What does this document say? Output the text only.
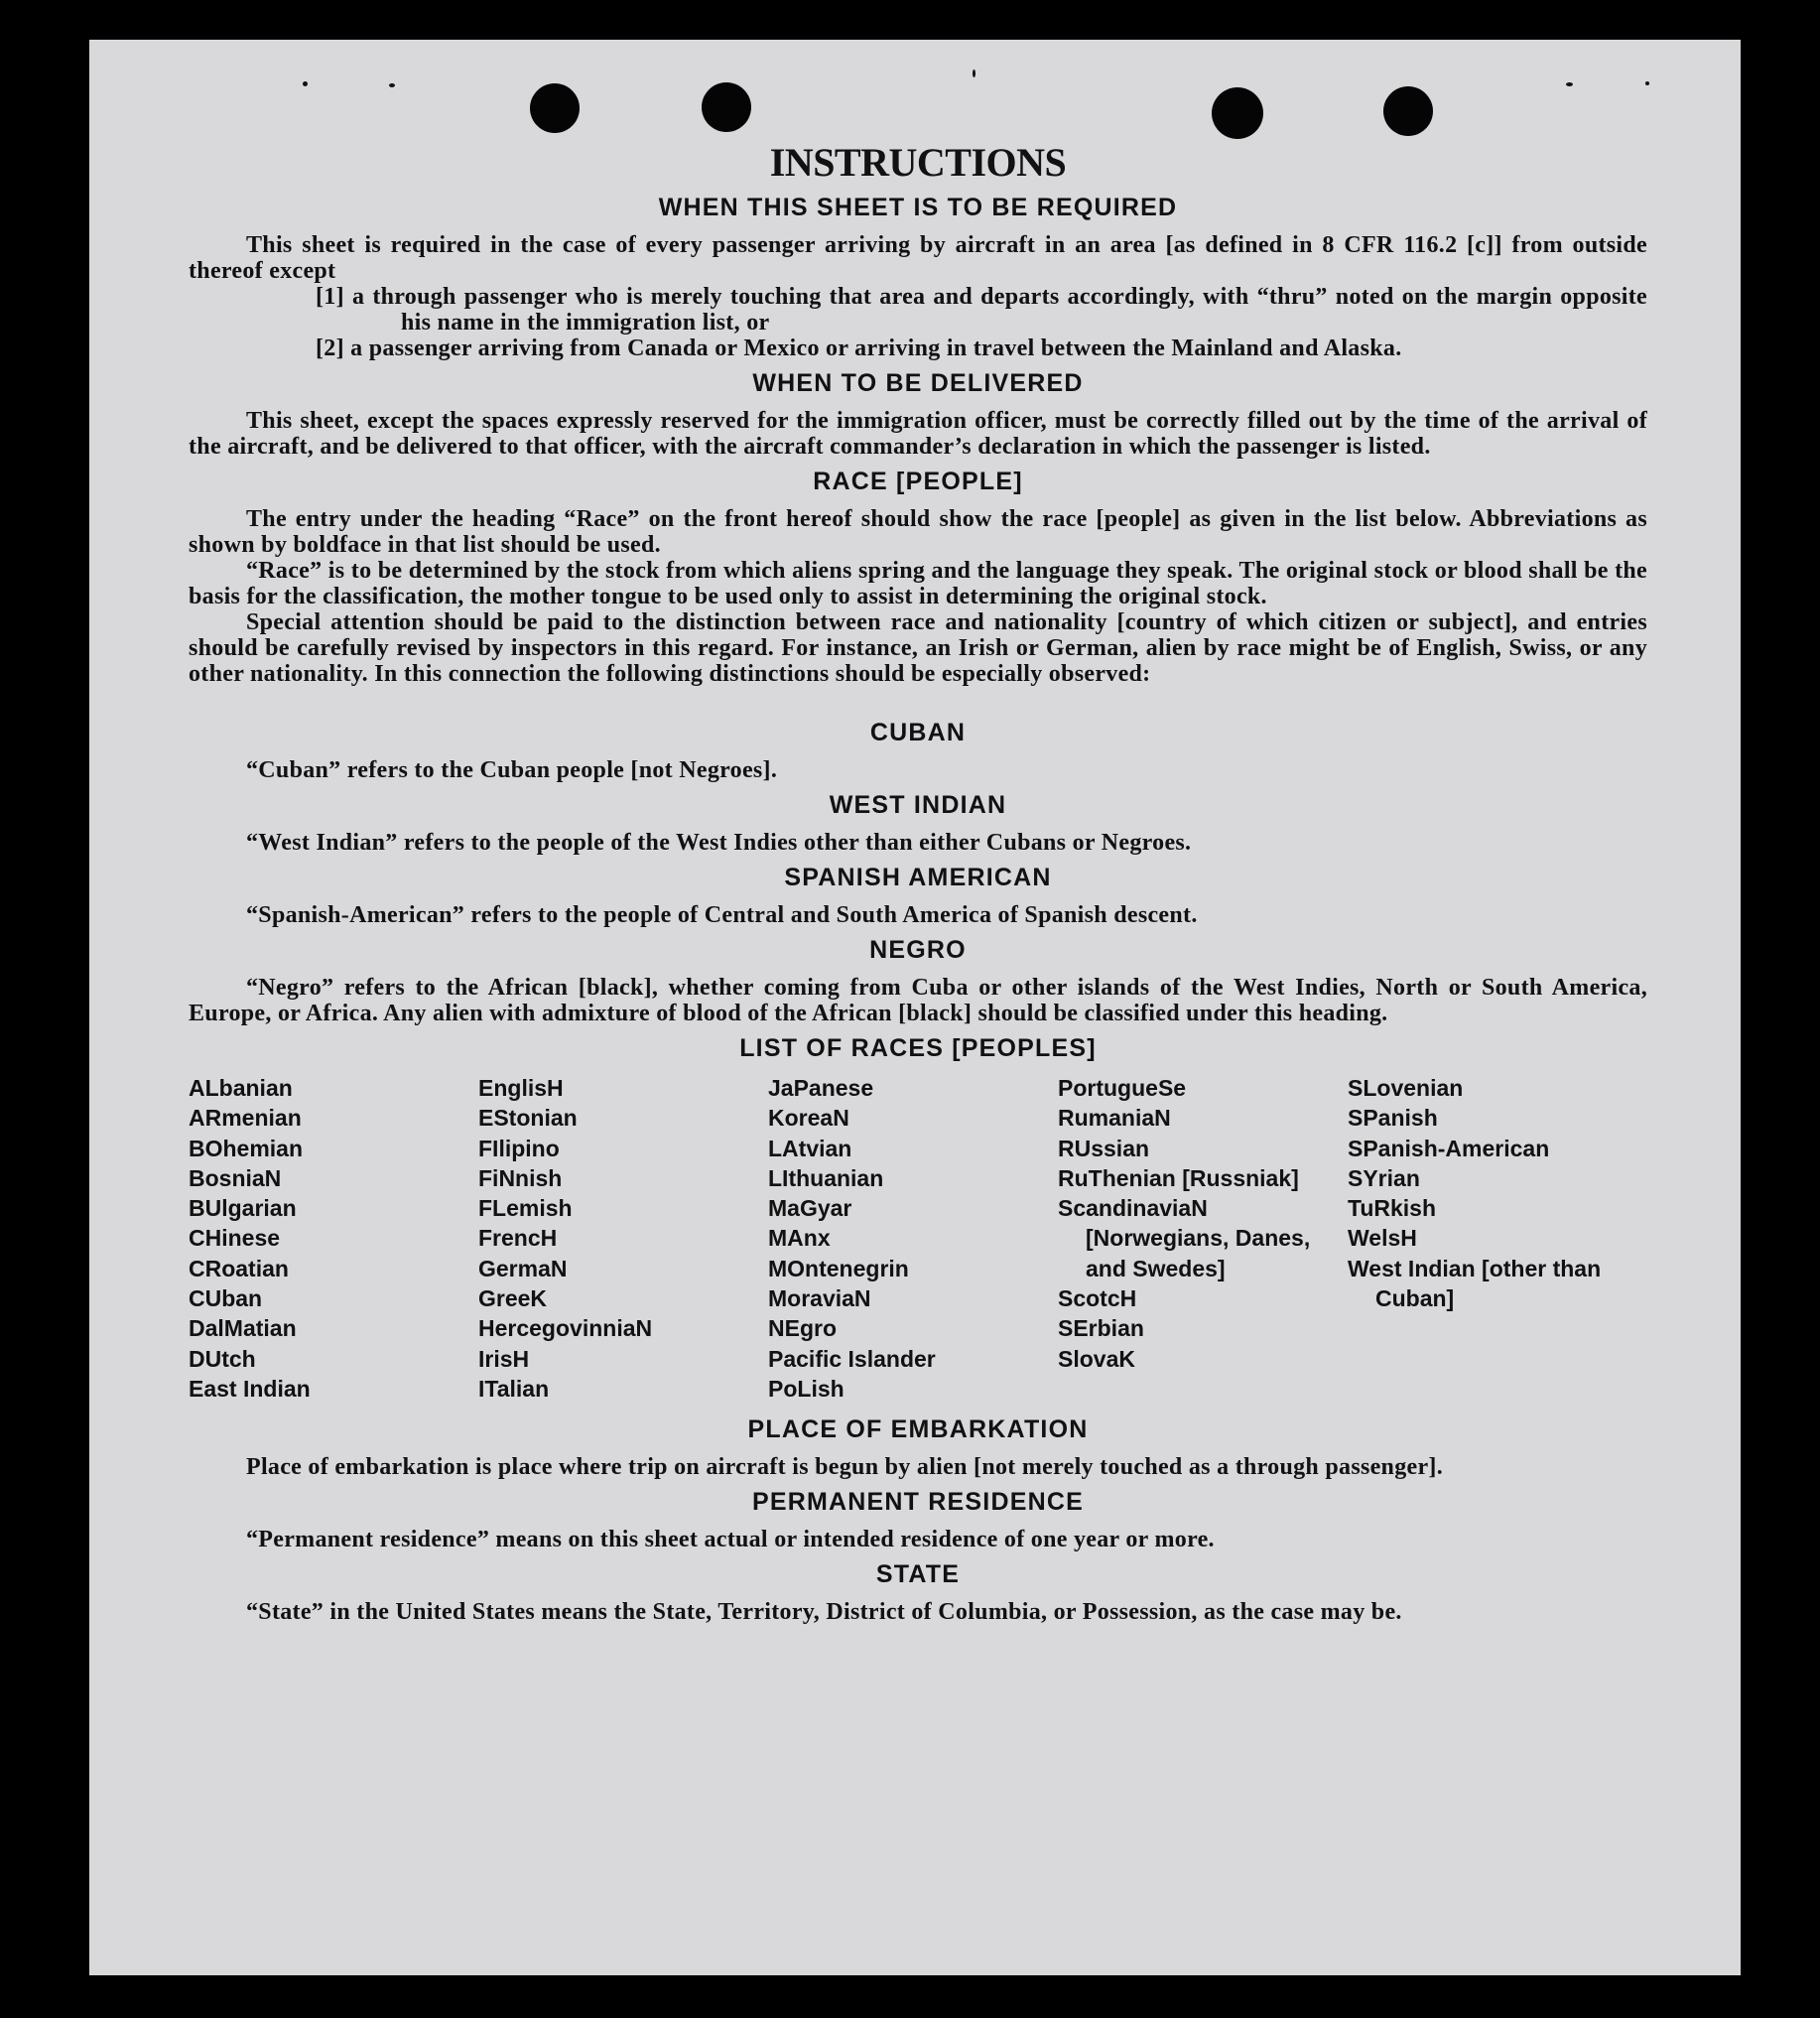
INSTRUCTIONS
WHEN THIS SHEET IS TO BE REQUIRED

This sheet is required in the case of every passenger arriving by aircraft in an area [as defined in 8 CFR 116.2 [c]] from outside thereof except

[1] a through passenger who is merely touching that area and departs accordingly, with “thru” noted on the margin opposite his name in the immigration list, or

[2] a passenger arriving from Canada or Mexico or arriving in travel between the Mainland and Alaska.

WHEN TO BE DELIVERED

This sheet, except the spaces expressly reserved for the immigration officer, must be correctly filled out by the time of the arrival of the aircraft, and be delivered to that officer, with the aircraft commander’s declaration in which the passenger is listed.

RACE [PEOPLE]

The entry under the heading “Race” on the front hereof should show the race [people] as given in the list below. Abbreviations as shown by boldface in that list should be used.

“Race” is to be determined by the stock from which aliens spring and the language they speak. The original stock or blood shall be the basis for the classification, the mother tongue to be used only to assist in determining the original stock.

Special attention should be paid to the distinction between race and nationality [country of which citizen or subject], and entries should be carefully revised by inspectors in this regard. For instance, an Irish or German, alien by race might be of English, Swiss, or any other nationality. In this connection the following distinctions should be especially observed:

CUBAN

“Cuban” refers to the Cuban people [not Negroes].

WEST INDIAN

“West Indian” refers to the people of the West Indies other than either Cubans or Negroes.

SPANISH AMERICAN

“Spanish-American” refers to the people of Central and South America of Spanish descent.

NEGRO

“Negro” refers to the African [black], whether coming from Cuba or other islands of the West Indies, North or South America, Europe, or Africa. Any alien with admixture of blood of the African [black] should be classified under this heading.

LIST OF RACES [PEOPLES]
ALbanian
ARmenian
BOhemian
BosniaN
BUlgarian
CHinese
CRoatian
CUban
DalMatian
DUtch
East Indian
EnglisH
EStonian
FIlipino
FiNnish
FLemish
FrencH
GermaN
GreeK
HercegovinniaN
IrisH
ITalian
JaPanese
KoreaN
LAtvian
LIthuanian
MaGyar
MAnx
MOntenegrin
MoraviaN
NEgro
Pacific Islander
PoLish
PortugueSe
RumaniaN
RUssian
RuThenian [Russniak]
ScandinaviaN [Norwegians, Danes, and Swedes]
ScotcH
SErbian
SlovaK
SLovenian
SPanish
SPanish-American
SYrian
TuRkish
WelsH
West Indian [other than Cuban]
PLACE OF EMBARKATION

Place of embarkation is place where trip on aircraft is begun by alien [not merely touched as a through passenger].

PERMANENT RESIDENCE

“Permanent residence” means on this sheet actual or intended residence of one year or more.

STATE

“State” in the United States means the State, Territory, District of Columbia, or Possession, as the case may be.
